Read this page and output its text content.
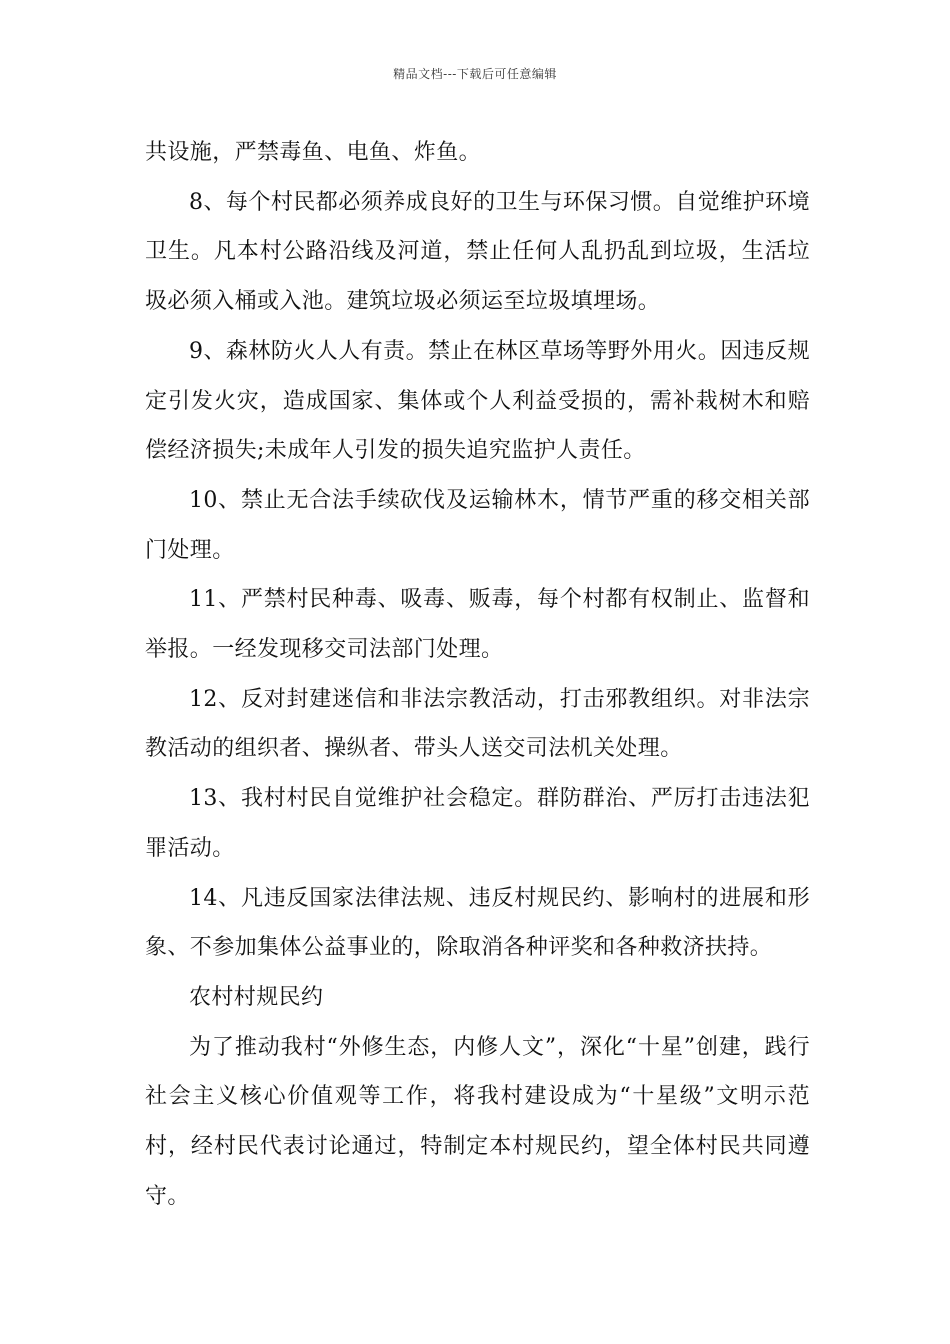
精品文档---下载后可任意编辑

共设施，严禁毒鱼、电鱼、炸鱼。

8、每个村民都必须养成良好的卫生与环保习惯。自觉维护环境卫生。凡本村公路沿线及河道，禁止任何人乱扔乱到垃圾，生活垃圾必须入桶或入池。建筑垃圾必须运至垃圾填埋场。

9、森林防火人人有责。禁止在林区草场等野外用火。因违反规定引发火灾，造成国家、集体或个人利益受损的，需补栽树木和赔偿经济损失;未成年人引发的损失追究监护人责任。

10、禁止无合法手续砍伐及运输林木，情节严重的移交相关部门处理。

11、严禁村民种毒、吸毒、贩毒，每个村都有权制止、监督和举报。一经发现移交司法部门处理。

12、反对封建迷信和非法宗教活动，打击邪教组织。对非法宗教活动的组织者、操纵者、带头人送交司法机关处理。

13、我村村民自觉维护社会稳定。群防群治、严厉打击违法犯罪活动。

14、凡违反国家法律法规、违反村规民约、影响村的进展和形象、不参加集体公益事业的，除取消各种评奖和各种救济扶持。

农村村规民约

为了推动我村“外修生态，内修人文”，深化“十星”创建，践行社会主义核心价值观等工作，将我村建设成为“十星级”文明示范村，经村民代表讨论通过，特制定本村规民约，望全体村民共同遵守。
